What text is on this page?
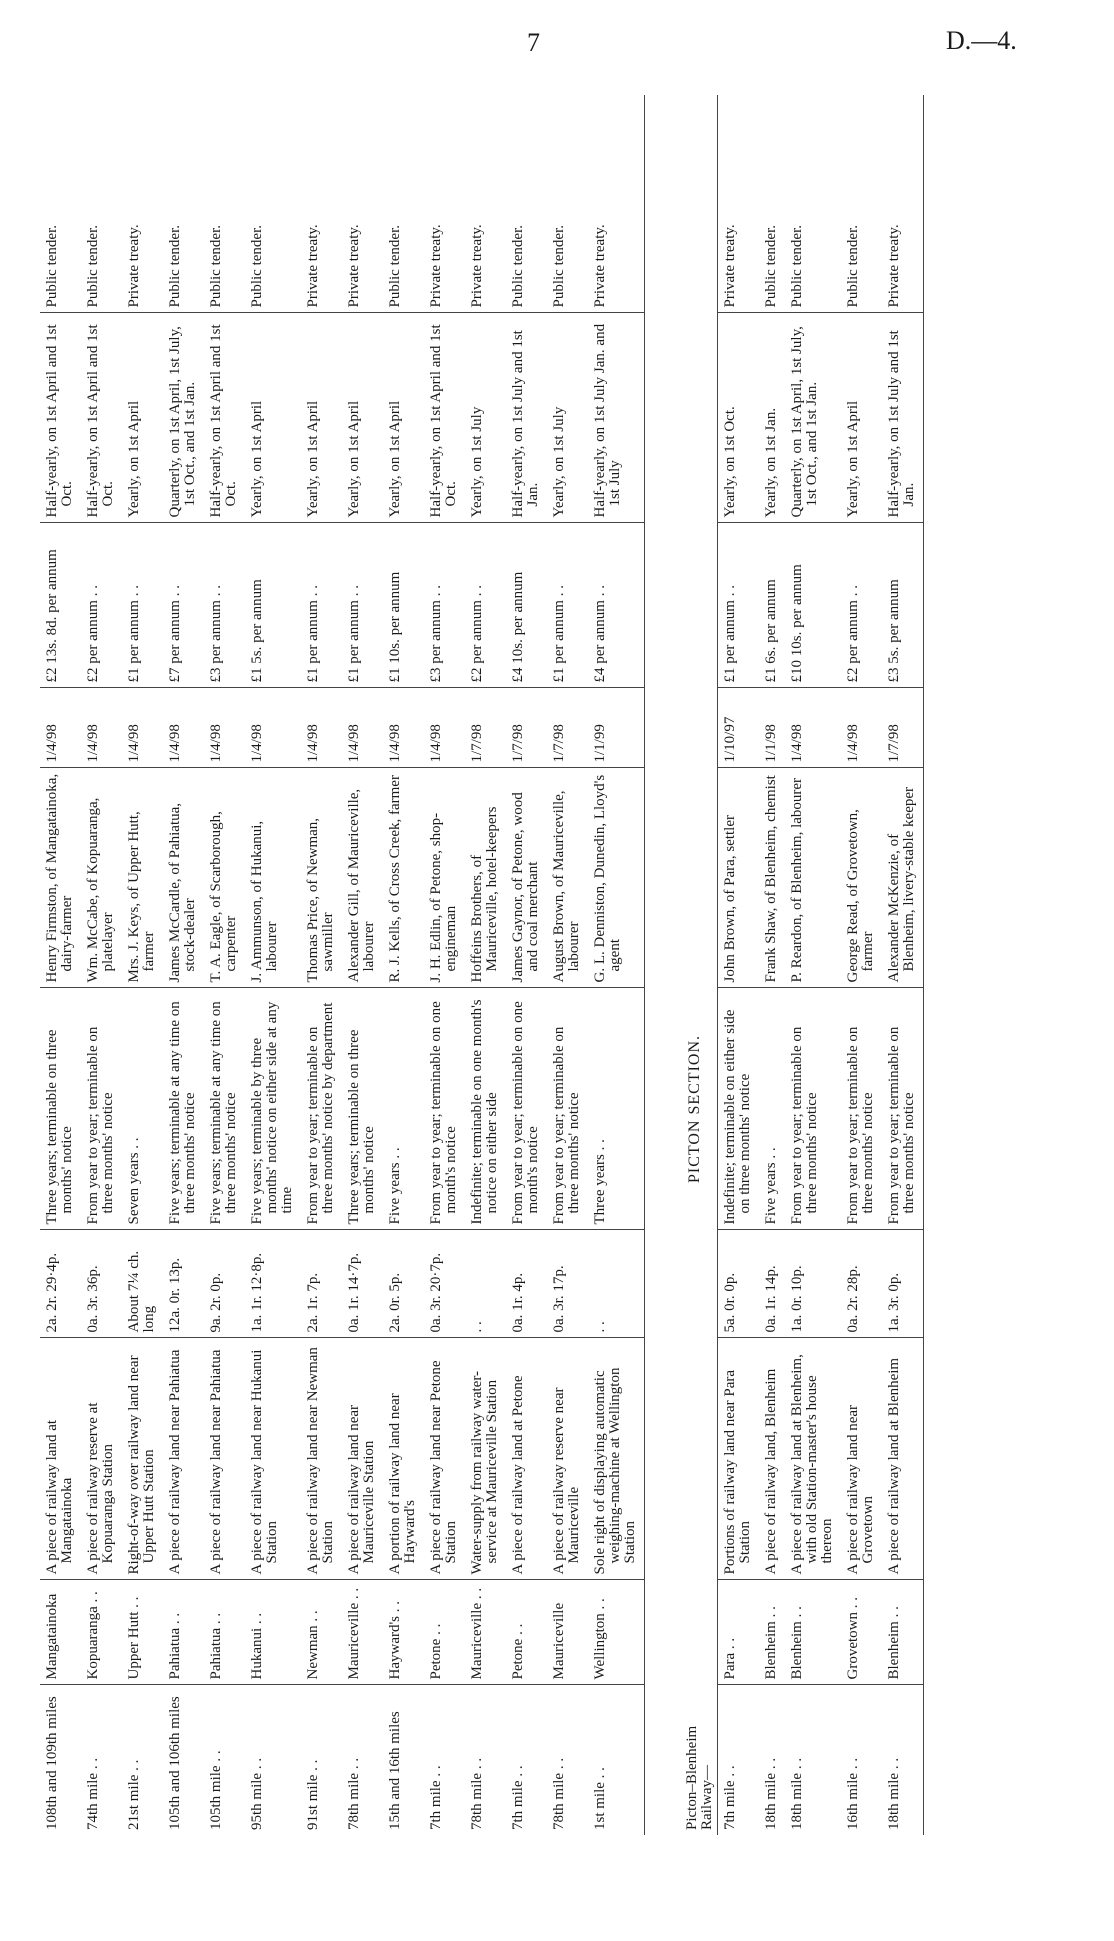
7	D.—4.
108th and 109th miles	Mangatainoka	A piece of railway land at Mangatainoka	2a. 2r. 29·4p.	Three years; terminable on three months' notice	Henry Firmston, of Mangatainoka, dairy-farmer	1/4/98	£2 13s. 8d. per annum	Half-yearly, on 1st April and 1st Oct.	Public tender.
74th mile . .	Kopuaranga . .	A piece of railway reserve at Kopuaranga Station	0a. 3r. 36p.	From year to year; terminable on three months' notice	Wm. McCabe, of Kopuaranga, platelayer	1/4/98	£2 per annum . .	Half-yearly, on 1st April and 1st Oct.	Public tender.
21st mile . .	Upper Hutt . .	Right-of-way over railway land near Upper Hutt Station	About 7¼ ch. long	Seven years . .	Mrs. J. Keys, of Upper Hutt, farmer	1/4/98	£1 per annum . .	Yearly, on 1st April	Private treaty.
105th and 106th miles	Pahiatua . .	A piece of railway land near Pahiatua	12a. 0r. 13p.	Five years; terminable at any time on three months' notice	James McCardle, of Pahiatua, stock-dealer	1/4/98	£7 per annum . .	Quarterly, on 1st April, 1st July, 1st Oct., and 1st Jan.	Public tender.
105th mile . .	Pahiatua . .	A piece of railway land near Pahiatua	9a. 2r. 0p.	Five years; terminable at any time on three months' notice	T. A. Eagle, of Scarborough, carpenter	1/4/98	£3 per annum . .	Half-yearly, on 1st April and 1st Oct.	Public tender.
95th mile . .	Hukanui . .	A piece of railway land near Hukanui Station	1a. 1r. 12·8p.	Five years; terminable by three months' notice on either side at any time	J. Ammunson, of Hukanui, labourer	1/4/98	£1 5s. per annum	Yearly, on 1st April	Public tender.
91st mile . .	Newman . .	A piece of railway land near Newman Station	2a. 1r. 7p.	From year to year; terminable on three months' notice by department	Thomas Price, of Newman, sawmiller	1/4/98	£1 per annum . .	Yearly, on 1st April	Private treaty.
78th mile . .	Mauriceville . .	A piece of railway land near Mauriceville Station	0a. 1r. 14·7p.	Three years; terminable on three months' notice	Alexander Gill, of Mauriceville, labourer	1/4/98	£1 per annum . .	Yearly, on 1st April	Private treaty.
15th and 16th miles	Hayward's . .	A portion of railway land near Hayward's	2a. 0r. 5p.	Five years . .	R. J. Kells, of Cross Creek, farmer	1/4/98	£1 10s. per annum	Yearly, on 1st April	Public tender.
7th mile . .	Petone . .	A piece of railway land near Petone Station	0a. 3r. 20·7p.	From year to year; terminable on one month's notice	J. H. Edlin, of Petone, shop-engineman	1/4/98	£3 per annum . .	Half-yearly, on 1st April and 1st Oct.	Private treaty.
78th mile . .	Mauriceville . .	Water-supply from railway water-service at Mauriceville Station	. .	Indefinite; terminable on one month's notice on either side	Hoffeins Brothers, of Mauriceville, hotel-keepers	1/7/98	£2 per annum . .	Yearly, on 1st July	Private treaty.
7th mile . .	Petone . .	A piece of railway land at Petone	0a. 1r. 4p.	From year to year; terminable on one month's notice	James Gaynor, of Petone, wood and coal merchant	1/7/98	£4 10s. per annum	Half-yearly, on 1st July and 1st Jan.	Public tender.
78th mile . .	Mauriceville	A piece of railway reserve near Mauriceville	0a. 3r. 17p.	From year to year; terminable on three months' notice	August Brown, of Mauriceville, labourer	1/7/98	£1 per annum . .	Yearly, on 1st July	Public tender.
1st mile . .	Wellington . .	Sole right of displaying automatic weighing-machine at Wellington Station	. .	Three years . .	G. L. Denniston, Dunedin, Lloyd's agent	1/1/99	£4 per annum . .	Half-yearly, on 1st July Jan. and 1st July	Private treaty.

Picton–Blenheim Railway—				PICTON SECTION.					
7th mile . .	Para . .	Portions of railway land near Para Station	5a. 0r. 0p.	Indefinite; terminable on either side on three months' notice	John Brown, of Para, settler	1/10/97	£1 per annum . .	Yearly, on 1st Oct.	Private treaty.
18th mile . .	Blenheim . .	A piece of railway land, Blenheim	0a. 1r. 14p.	Five years . .	Frank Shaw, of Blenheim, chemist	1/1/98	£1 6s. per annum	Yearly, on 1st Jan.	Public tender.
18th mile . .	Blenheim . .	A piece of railway land at Blenheim, with old Station-master's house thereon	1a. 0r. 10p.	From year to year; terminable on three months' notice	P. Reardon, of Blenheim, labourer	1/4/98	£10 10s. per annum	Quarterly, on 1st April, 1st July, 1st Oct., and 1st Jan.	Public tender.
16th mile . .	Grovetown . .	A piece of railway land near Grovetown	0a. 2r. 28p.	From year to year; terminable on three months' notice	George Read, of Grovetown, farmer	1/4/98	£2 per annum . .	Yearly, on 1st April	Public tender.
18th mile . .	Blenheim . .	A piece of railway land at Blenheim	1a. 3r. 0p.	From year to year; terminable on three months' notice	Alexander McKenzie, of Blenheim, livery-stable keeper	1/7/98	£3 5s. per annum	Half-yearly, on 1st July and 1st Jan.	Private treaty.
